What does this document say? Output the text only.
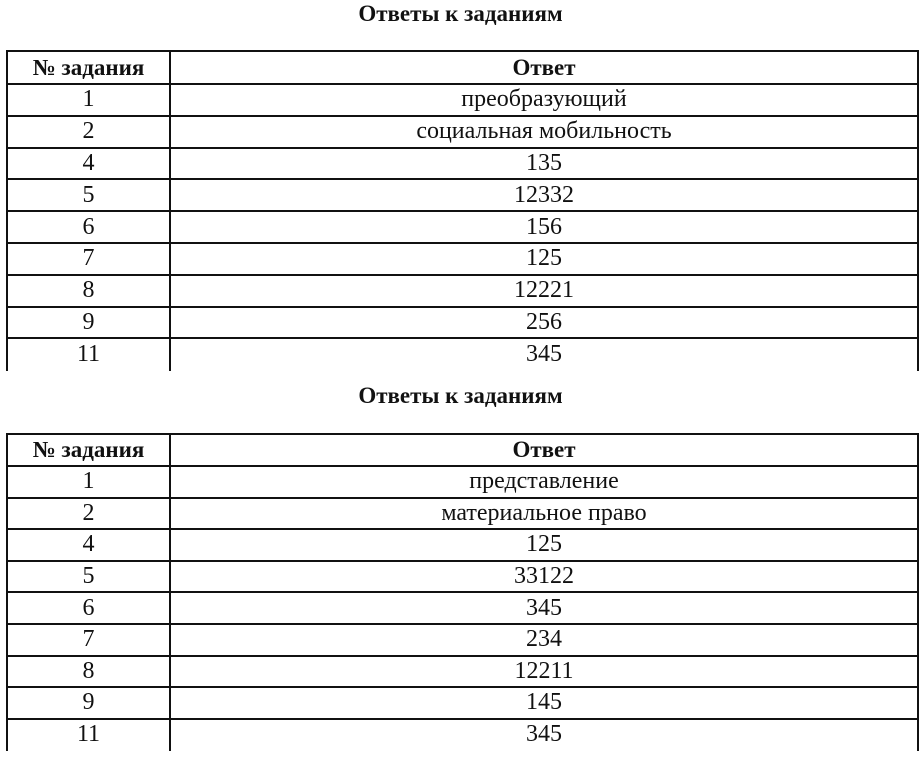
Ответы к заданиям
№ задания	Ответ
1	преобразующий
2	социальная мобильность
4	135
5	12332
6	156
7	125
8	12221
9	256
11	345
Ответы к заданиям
№ задания	Ответ
1	представление
2	материальное право
4	125
5	33122
6	345
7	234
8	12211
9	145
11	345
